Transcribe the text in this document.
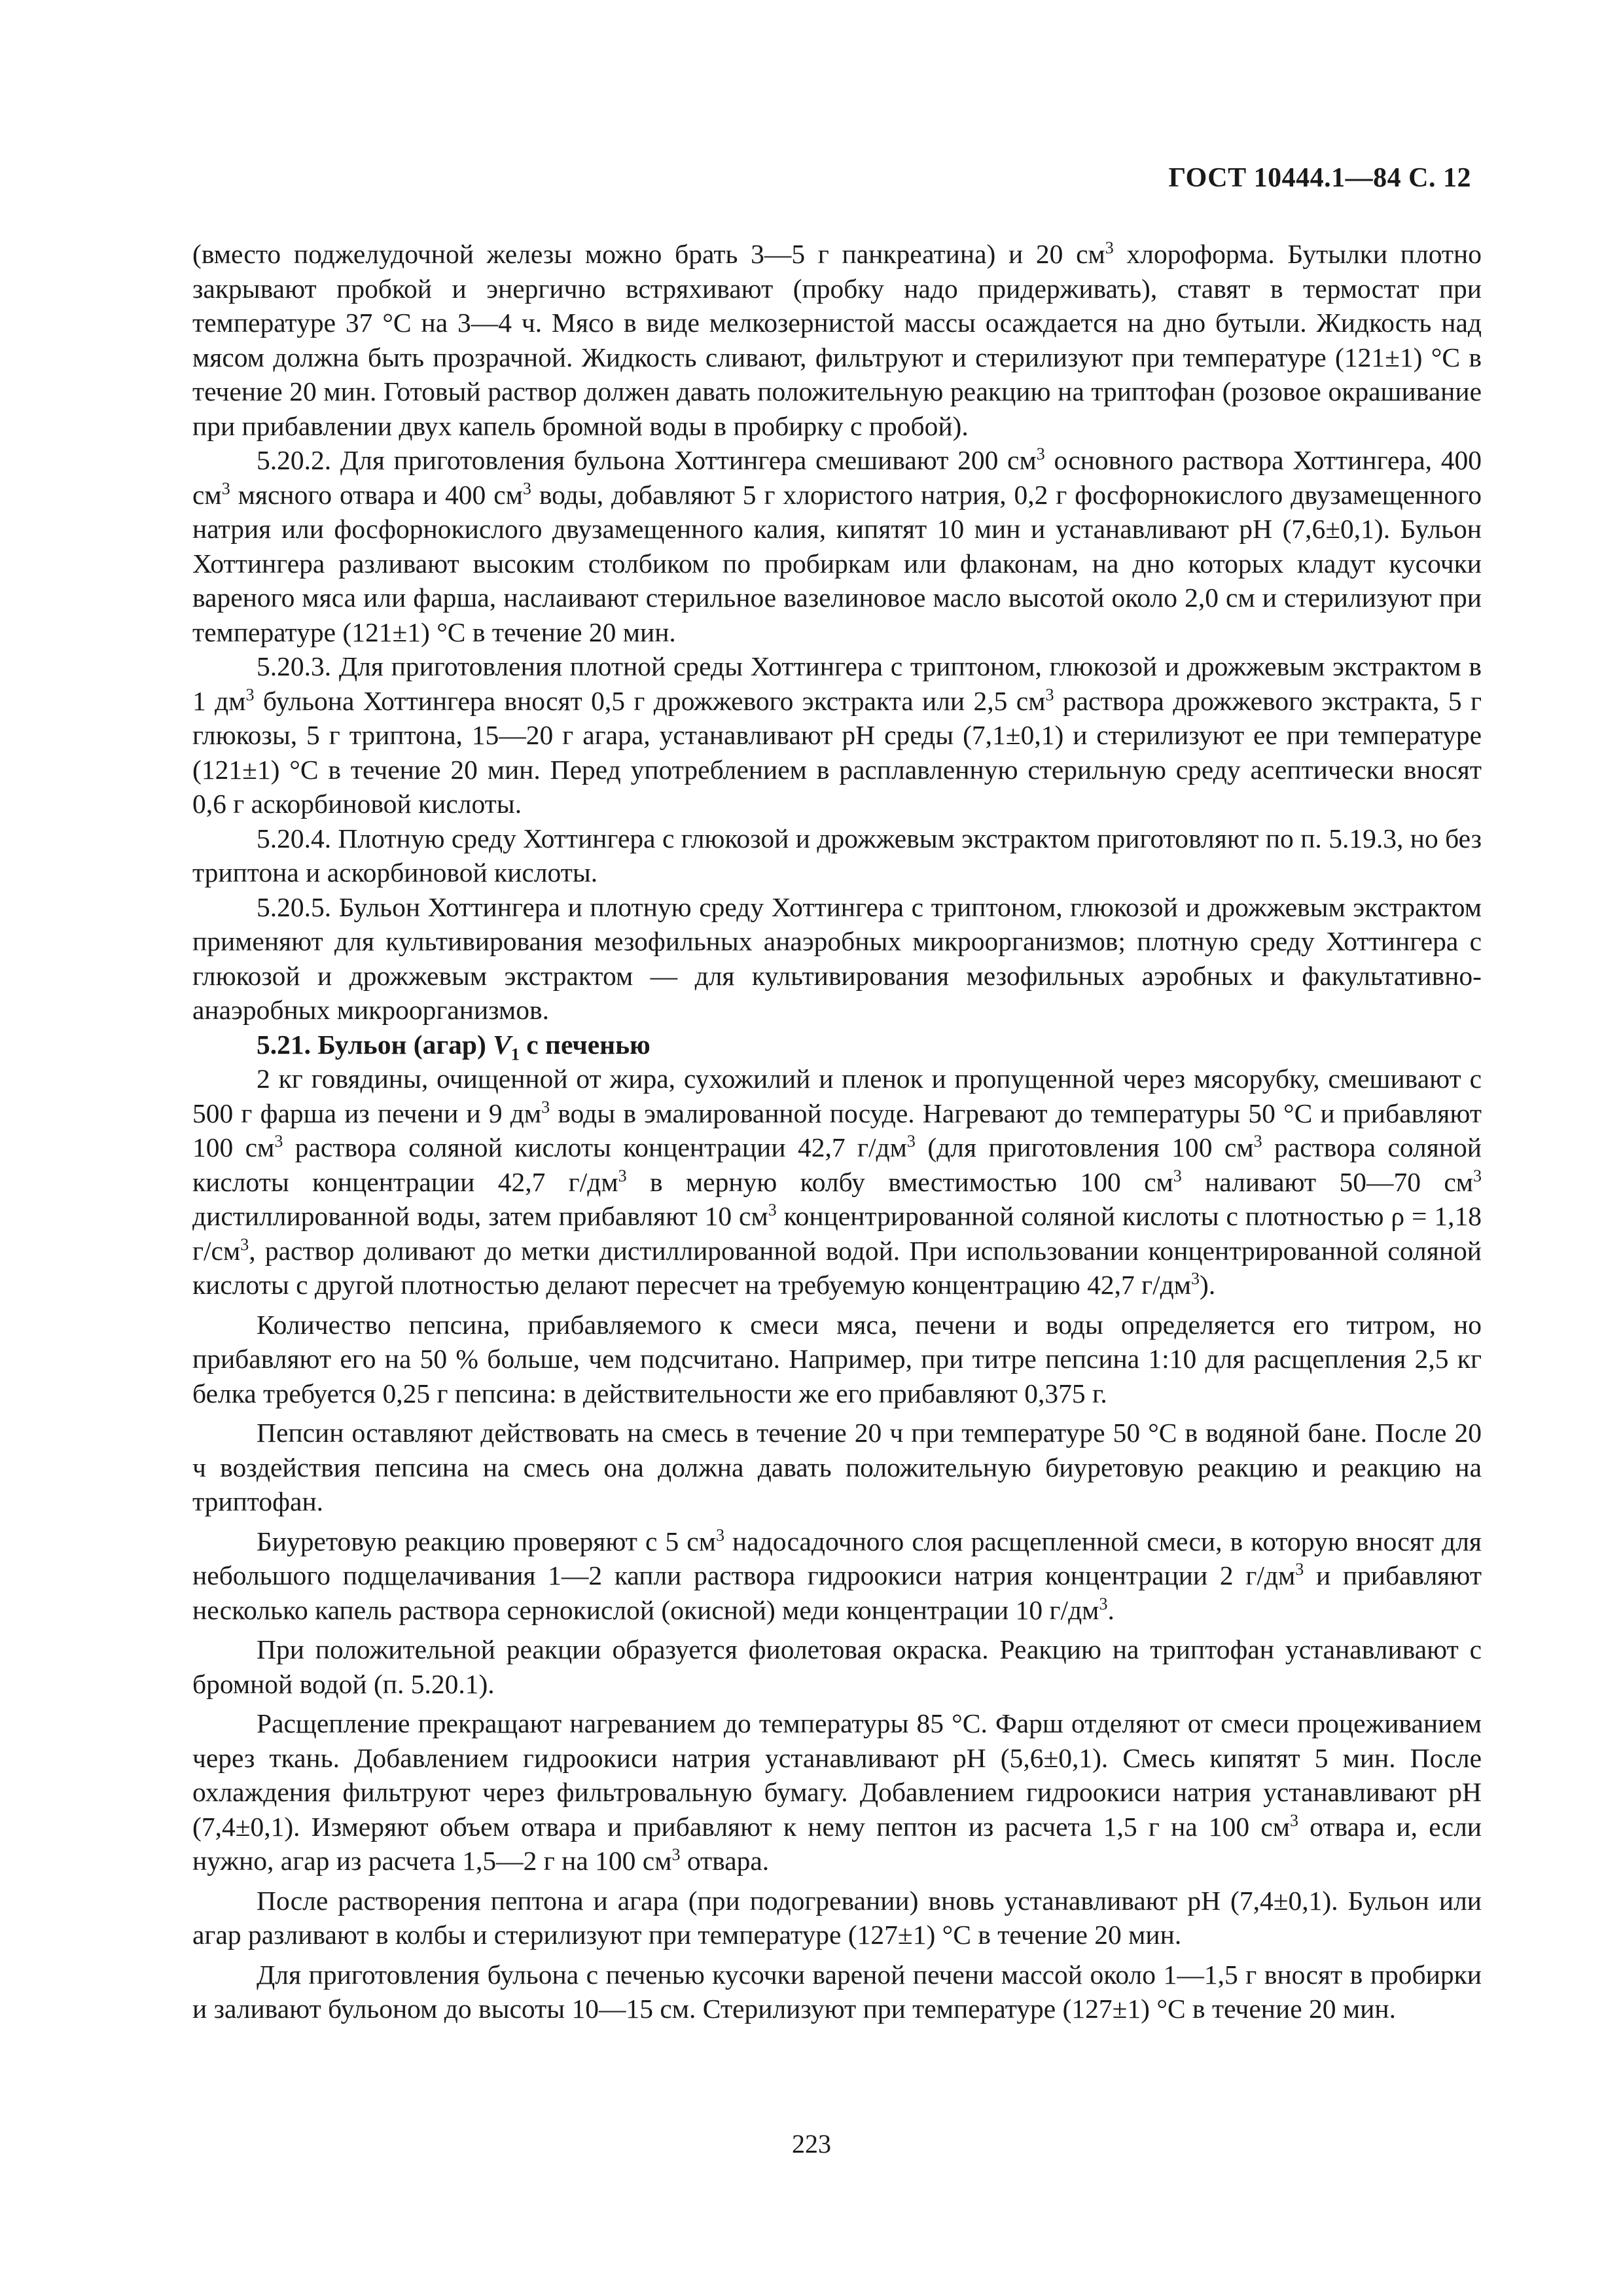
ГОСТ 10444.1—84 С. 12

(вместо поджелудочной железы можно брать 3—5 г панкреатина) и 20 $см^3$ хлороформа. Бутылки плотно закрывают пробкой и энергично встряхивают (пробку надо придерживать), ставят в термостат при температуре 37 °С на 3—4 ч. Мясо в виде мелкозернистой массы осаждается на дно бутыли. Жидкость над мясом должна быть прозрачной. Жидкость сливают, фильтруют и стерилизуют при температуре (121±1) °С в течение 20 мин. Готовый раствор должен давать положительную реакцию на триптофан (розовое окрашивание при прибавлении двух капель бромной воды в пробирку с пробой).

5.20.2. Для приготовления бульона Хоттингера смешивают 200 $см^3$ основного раствора Хоттингера, 400 $см^3$ мясного отвара и 400 $см^3$ воды, добавляют 5 г хлористого натрия, 0,2 г фосфорнокислого двузамещенного натрия или фосфорнокислого двузамещенного калия, кипятят 10 мин и устанавливают pH (7,6±0,1). Бульон Хоттингера разливают высоким столбиком по пробиркам или флаконам, на дно которых кладут кусочки вареного мяса или фарша, наслаивают стерильное вазелиновое масло высотой около 2,0 см и стерилизуют при температуре (121±1) °С в течение 20 мин.

5.20.3. Для приготовления плотной среды Хоттингера с триптоном, глюкозой и дрожжевым экстрактом в 1 $дм^3$ бульона Хоттингера вносят 0,5 г дрожжевого экстракта или 2,5 $см^3$ раствора дрожжевого экстракта, 5 г глюкозы, 5 г триптона, 15—20 г агара, устанавливают pH среды (7,1±0,1) и стерилизуют ее при температуре (121±1) °С в течение 20 мин. Перед употреблением в расплавленную стерильную среду асептически вносят 0,6 г аскорбиновой кислоты.

5.20.4. Плотную среду Хоттингера с глюкозой и дрожжевым экстрактом приготовляют по п. 5.19.3, но без триптона и аскорбиновой кислоты.

5.20.5. Бульон Хоттингера и плотную среду Хоттингера с триптоном, глюкозой и дрожжевым экстрактом применяют для культивирования мезофильных анаэробных микроорганизмов; плотную среду Хоттингера с глюкозой и дрожжевым экстрактом — для культивирования мезофильных аэробных и факультативно-анаэробных микроорганизмов.

5.21. Бульон (агар) $V_1$ с печенью

2 кг говядины, очищенной от жира, сухожилий и пленок и пропущенной через мясорубку, смешивают с 500 г фарша из печени и 9 $дм^3$ воды в эмалированной посуде. Нагревают до температуры 50 °С и прибавляют 100 $см^3$ раствора соляной кислоты концентрации 42,7 $г/дм^3$ (для приготовления 100 $см^3$ раствора соляной кислоты концентрации 42,7 $г/дм^3$ в мерную колбу вместимостью 100 $см^3$ наливают 50—70 $см^3$ дистиллированной воды, затем прибавляют 10 $см^3$ концентрированной соляной кислоты с плотностью ρ = 1,18 $г/см^3$, раствор доливают до метки дистиллированной водой. При использовании концентрированной соляной кислоты с другой плотностью делают пересчет на требуемую концентрацию 42,7 $г/дм^3$).

Количество пепсина, прибавляемого к смеси мяса, печени и воды определяется его титром, но прибавляют его на 50 % больше, чем подсчитано. Например, при титре пепсина 1:10 для расщепления 2,5 кг белка требуется 0,25 г пепсина: в действительности же его прибавляют 0,375 г.

Пепсин оставляют действовать на смесь в течение 20 ч при температуре 50 °С в водяной бане. После 20 ч воздействия пепсина на смесь она должна давать положительную биуретовую реакцию и реакцию на триптофан.

Биуретовую реакцию проверяют с 5 $см^3$ надосадочного слоя расщепленной смеси, в которую вносят для небольшого подщелачивания 1—2 капли раствора гидроокиси натрия концентрации 2 $г/дм^3$ и прибавляют несколько капель раствора сернокислой (окисной) меди концентрации 10 $г/дм^3$.

При положительной реакции образуется фиолетовая окраска. Реакцию на триптофан устанавливают с бромной водой (п. 5.20.1).

Расщепление прекращают нагреванием до температуры 85 °С. Фарш отделяют от смеси процеживанием через ткань. Добавлением гидроокиси натрия устанавливают pH (5,6±0,1). Смесь кипятят 5 мин. После охлаждения фильтруют через фильтровальную бумагу. Добавлением гидроокиси натрия устанавливают pH (7,4±0,1). Измеряют объем отвара и прибавляют к нему пептон из расчета 1,5 г на 100 $см^3$ отвара и, если нужно, агар из расчета 1,5—2 г на 100 $см^3$ отвара.

После растворения пептона и агара (при подогревании) вновь устанавливают pH (7,4±0,1). Бульон или агар разливают в колбы и стерилизуют при температуре (127±1) °С в течение 20 мин.

Для приготовления бульона с печенью кусочки вареной печени массой около 1—1,5 г вносят в пробирки и заливают бульоном до высоты 10—15 см. Стерилизуют при температуре (127±1) °С в течение 20 мин.

223
